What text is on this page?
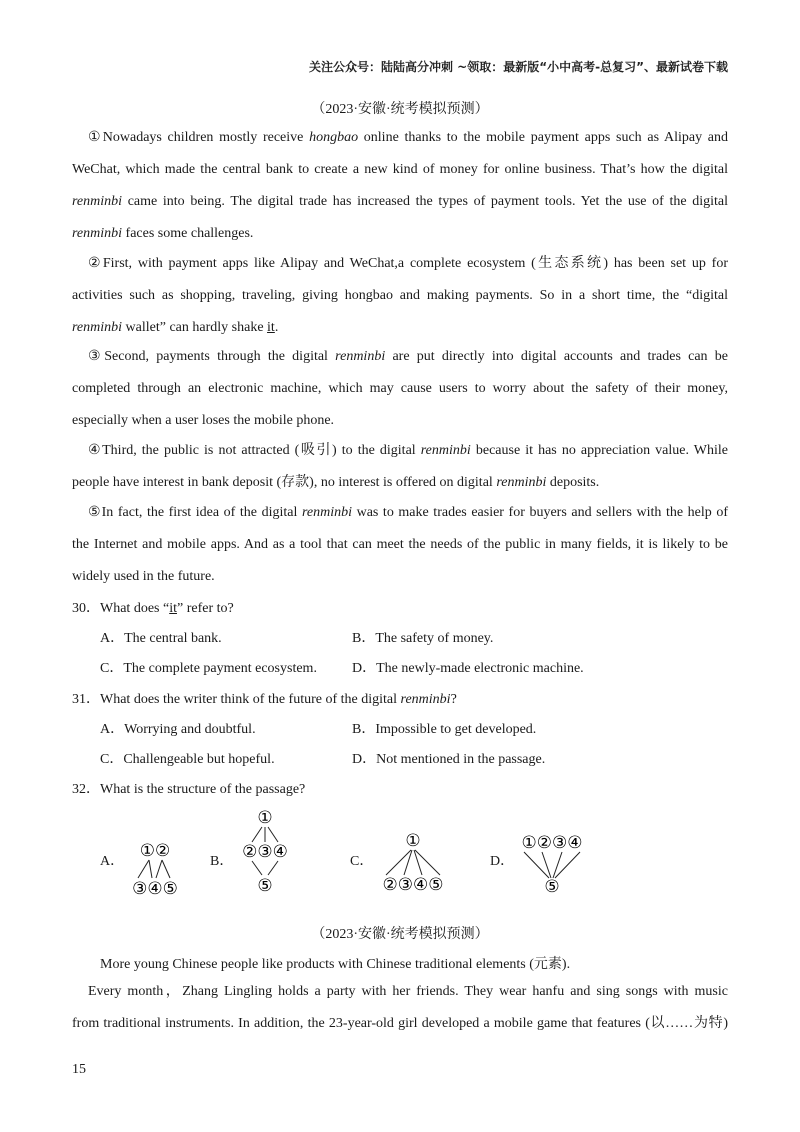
关注公众号：陆陆高分冲刺 ~领取：最新版“小中高考-总复习”、最新试卷下载
（2023·安徽·统考模拟预测）
①Nowadays children mostly receive hongbao online thanks to the mobile payment apps such as Alipay and
WeChat, which made the central bank to create a new kind of money for online business. That’s how the digital
renminbi came into being. The digital trade has increased the types of payment tools. Yet the use of the digital
renminbi faces some challenges.
②First, with payment apps like Alipay and WeChat,a complete ecosystem (生态系统) has been set up for
activities such as shopping, traveling, giving hongbao and making payments. So in a short time, the “digital
renminbi wallet” can hardly shake it.
③Second, payments through the digital renminbi are put directly into digital accounts and trades can be
completed through an electronic machine, which may cause users to worry about the safety of their money,
especially when a user loses the mobile phone.
④Third, the public is not attracted (吸引) to the digital renminbi because it has no appreciation value. While
people have interest in bank deposit (存款), no interest is offered on digital renminbi deposits.
⑤In fact, the first idea of the digital renminbi was to make trades easier for buyers and sellers with the help of
the Internet and mobile apps. And as a tool that can meet the needs of the public in many fields, it is likely to be
widely used in the future.
30．What does “it” refer to?
A．The central bank.	B．The safety of money.
C．The complete payment ecosystem.	D．The newly-made electronic machine.
31．What does the writer think of the future of the digital renminbi?
A．Worrying and doubtful.	B．Impossible to get developed.
C．Challengeable but hopeful.	D．Not mentioned in the passage.
32．What is the structure of the passage?
A．
①②
③④⑤
B．
①
②③④
⑤
C．
①
②③④⑤
D．
①②③④
⑤
（2023·安徽·统考模拟预测）
More young Chinese people like products with Chinese traditional elements (元素).
Every month，Zhang Lingling holds a party with her friends. They wear hanfu and sing songs with music
from traditional instruments. In addition, the 23-year-old girl developed a mobile game that features (以……为特)
15
